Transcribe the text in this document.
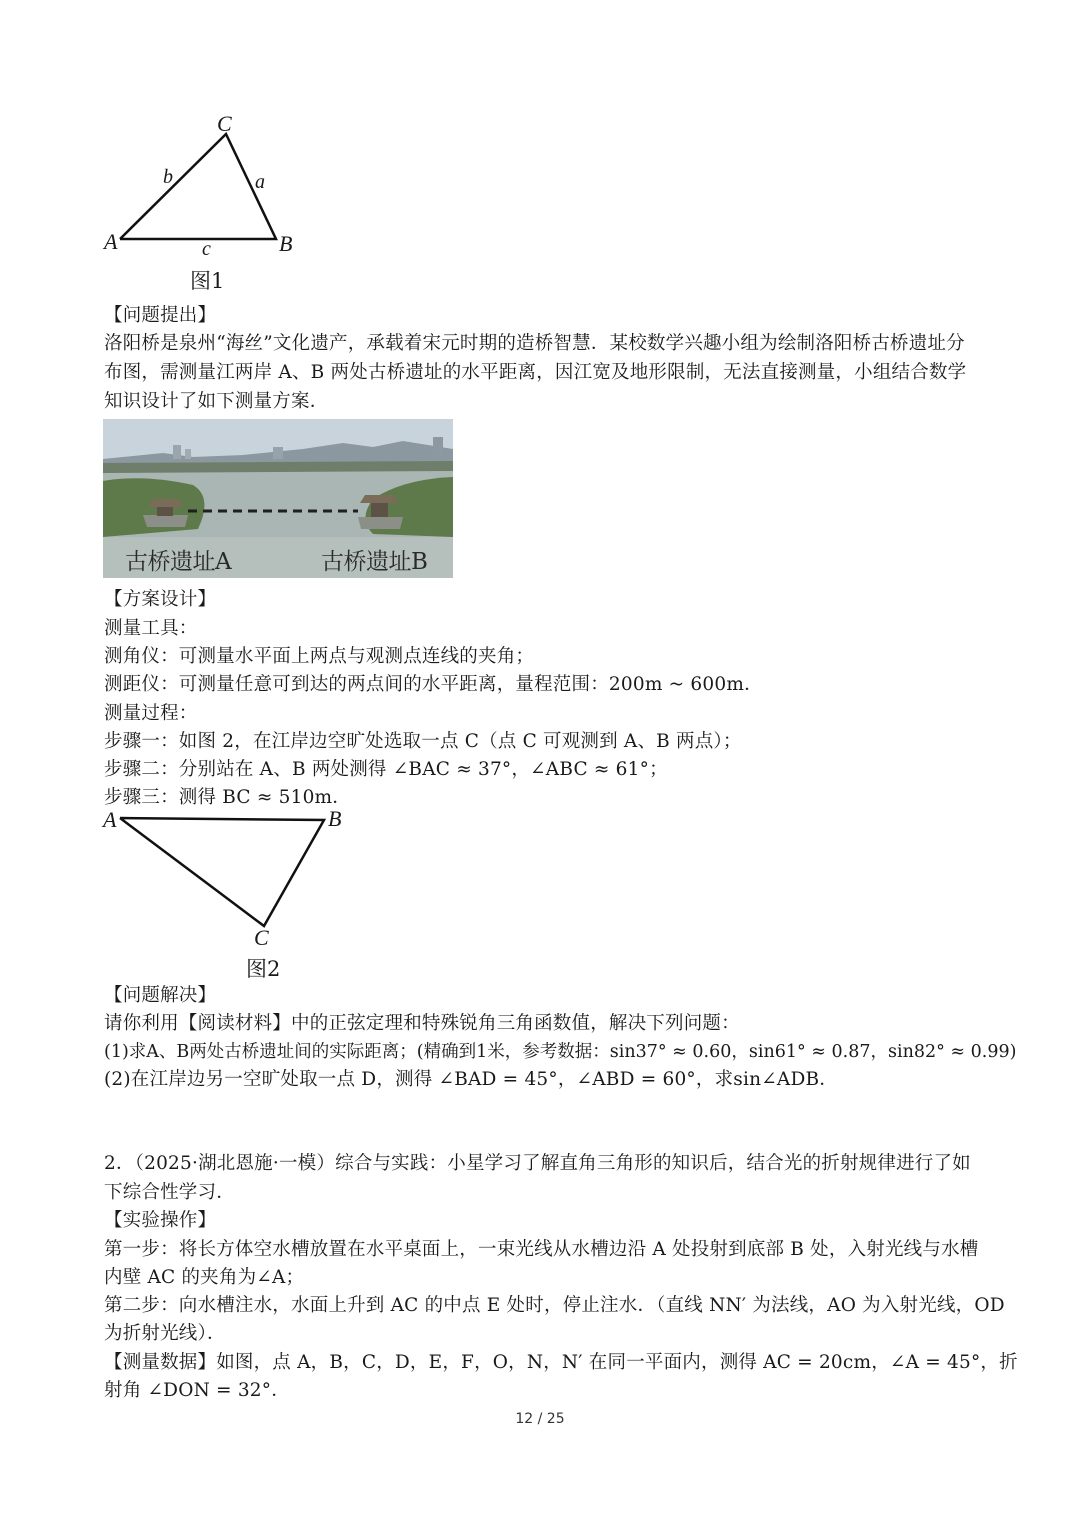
C
A	B
b	a
c
图1
【问题提出】
洛阳桥是泉州“海丝”文化遗产，承载着宋元时期的造桥智慧．某校数学兴趣小组为绘制洛阳桥古桥遗址分
布图，需测量江两岸 A、B 两处古桥遗址的水平距离，因江宽及地形限制，无法直接测量，小组结合数学
知识设计了如下测量方案．
古桥遗址A	古桥遗址B
【方案设计】
测量工具：
测角仪：可测量水平面上两点与观测点连线的夹角；
测距仪：可测量任意可到达的两点间的水平距离，量程范围：200m ~ 600m．
测量过程：
步骤一：如图 2，在江岸边空旷处选取一点 C（点 C 可观测到 A、B 两点）；
步骤二：分别站在 A、B 两处测得 ∠BAC ≈ 37°，∠ABC ≈ 61°；
步骤三：测得 BC ≈ 510m．
A	B
C
图2
【问题解决】
请你利用【阅读材料】中的正弦定理和特殊锐角三角函数值，解决下列问题：
(1)求A、B两处古桥遗址间的实际距离；(精确到1米，参考数据：sin37° ≈ 0.60，sin61° ≈ 0.87，sin82° ≈ 0.99)
(2)在江岸边另一空旷处取一点 D，测得 ∠BAD = 45°，∠ABD = 60°，求sin∠ADB．
2．（2025·湖北恩施·一模）综合与实践：小星学习了解直角三角形的知识后，结合光的折射规律进行了如
下综合性学习．
【实验操作】
第一步：将长方体空水槽放置在水平桌面上，一束光线从水槽边沿 A 处投射到底部 B 处，入射光线与水槽
内壁 AC 的夹角为∠A；
第二步：向水槽注水，水面上升到 AC 的中点 E 处时，停止注水．（直线 NN′ 为法线，AO 为入射光线，OD
为折射光线）．
【测量数据】如图，点 A，B，C，D，E，F，O，N，N′ 在同一平面内，测得 AC = 20cm，∠A = 45°，折
射角 ∠DON = 32°．
12 / 25
